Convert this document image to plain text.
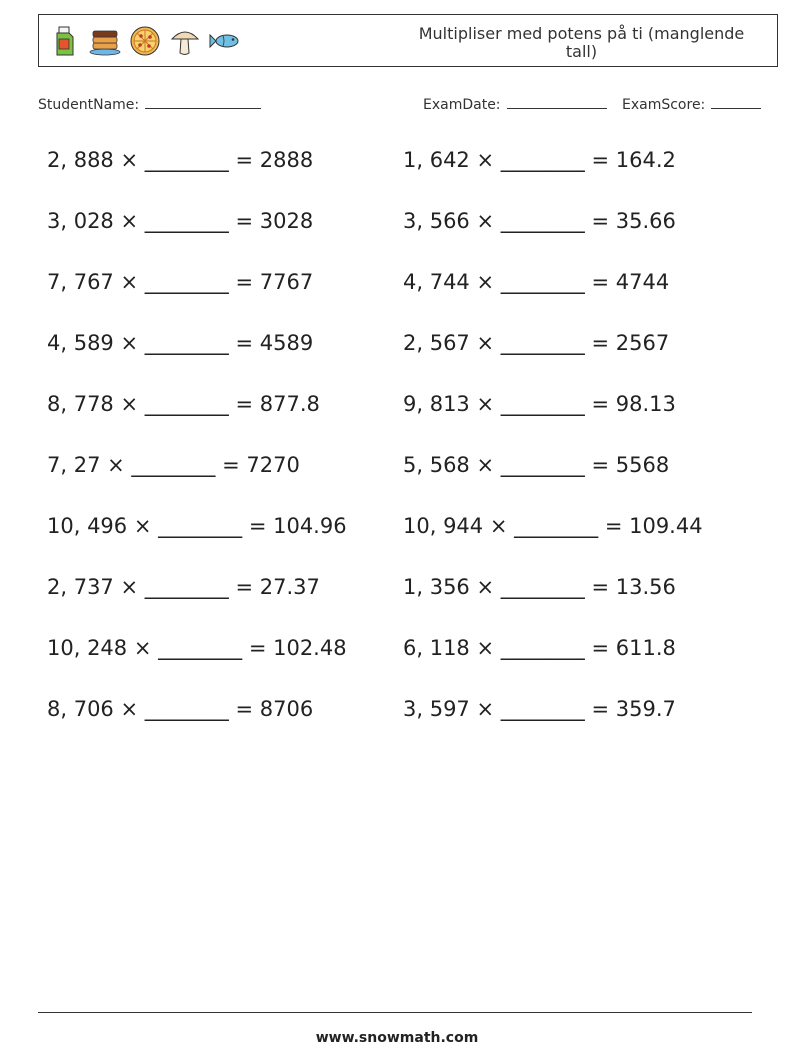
Multipliser med potens på ti (manglende tall)
StudentName:	ExamDate:	ExamScore:
2, 888 × ________ = 2888
3, 028 × ________ = 3028
7, 767 × ________ = 7767
4, 589 × ________ = 4589
8, 778 × ________ = 877.8
7, 27 × ________ = 7270
10, 496 × ________ = 104.96
2, 737 × ________ = 27.37
10, 248 × ________ = 102.48
8, 706 × ________ = 8706
1, 642 × ________ = 164.2
3, 566 × ________ = 35.66
4, 744 × ________ = 4744
2, 567 × ________ = 2567
9, 813 × ________ = 98.13
5, 568 × ________ = 5568
10, 944 × ________ = 109.44
1, 356 × ________ = 13.56
6, 118 × ________ = 611.8
3, 597 × ________ = 359.7
www.snowmath.com
